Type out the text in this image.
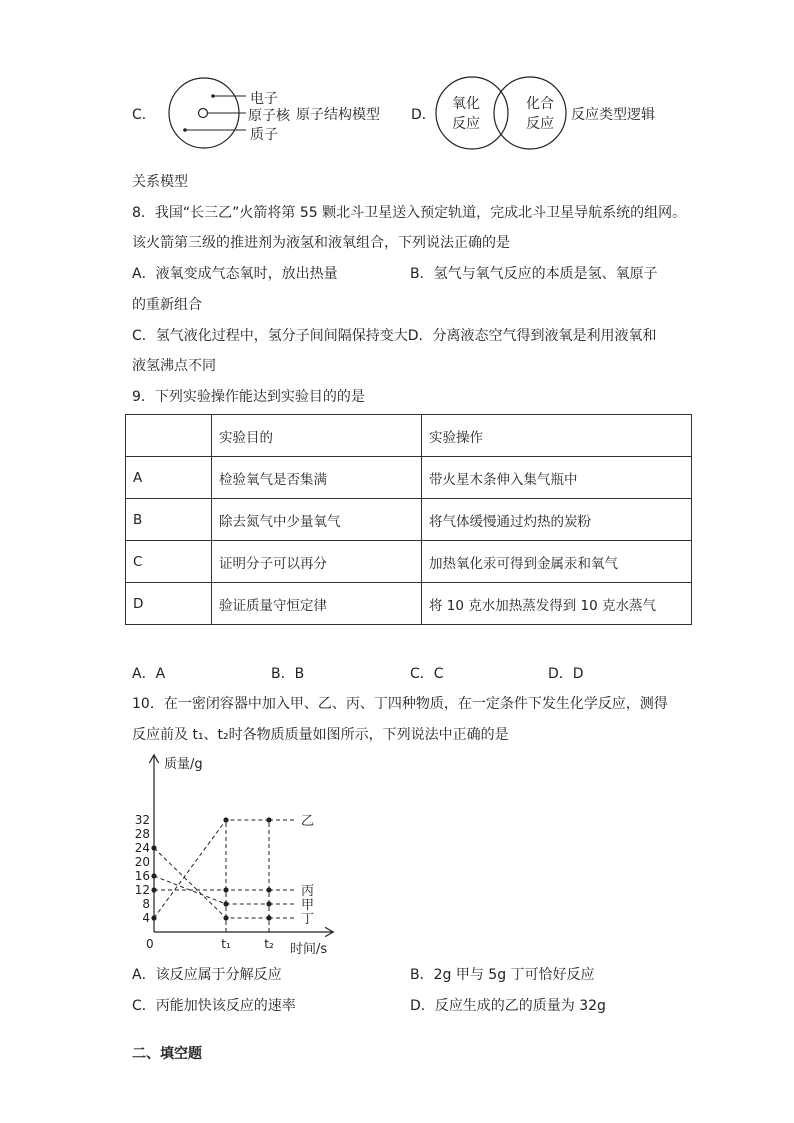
C．
电子
原子核
质子
原子结构模型 D．
氧化
反应
化合
反应
反应类型逻辑
关系模型
8．我国“长三乙”火箭将第 55 颗北斗卫星送入预定轨道，完成北斗卫星导航系统的组网。
该火箭第三级的推进剂为液氢和液氧组合，下列说法正确的是
A．液氧变成气态氧时，放出热量	B．氢气与氧气反应的本质是氢、氧原子
的重新组合
C．氢气液化过程中，氢分子间间隔保持变大D．分离液态空气得到液氧是利用液氧和
液氢沸点不同
9．下列实验操作能达到实验目的的是
	实验目的	实验操作
A	检验氧气是否集满	带火星木条伸入集气瓶中
B	除去氮气中少量氧气	将气体缓慢通过灼热的炭粉
C	证明分子可以再分	加热氧化汞可得到金属汞和氧气
D	验证质量守恒定律	将 10 克水加热蒸发得到 10 克水蒸气
A．A	B．B	C．C	D．D
10．在一密闭容器中加入甲、乙、丙、丁四种物质，在一定条件下发生化学反应，测得
反应前及 t₁、t₂时各物质质量如图所示，下列说法中正确的是
质量/g
时间/s
0
4
8
12
16
20
24
28
32
t₁	t₂
乙
丙
甲
丁
A．该反应属于分解反应	B．2g 甲与 5g 丁可恰好反应
C．丙能加快该反应的速率	D．反应生成的乙的质量为 32g
二、填空题
